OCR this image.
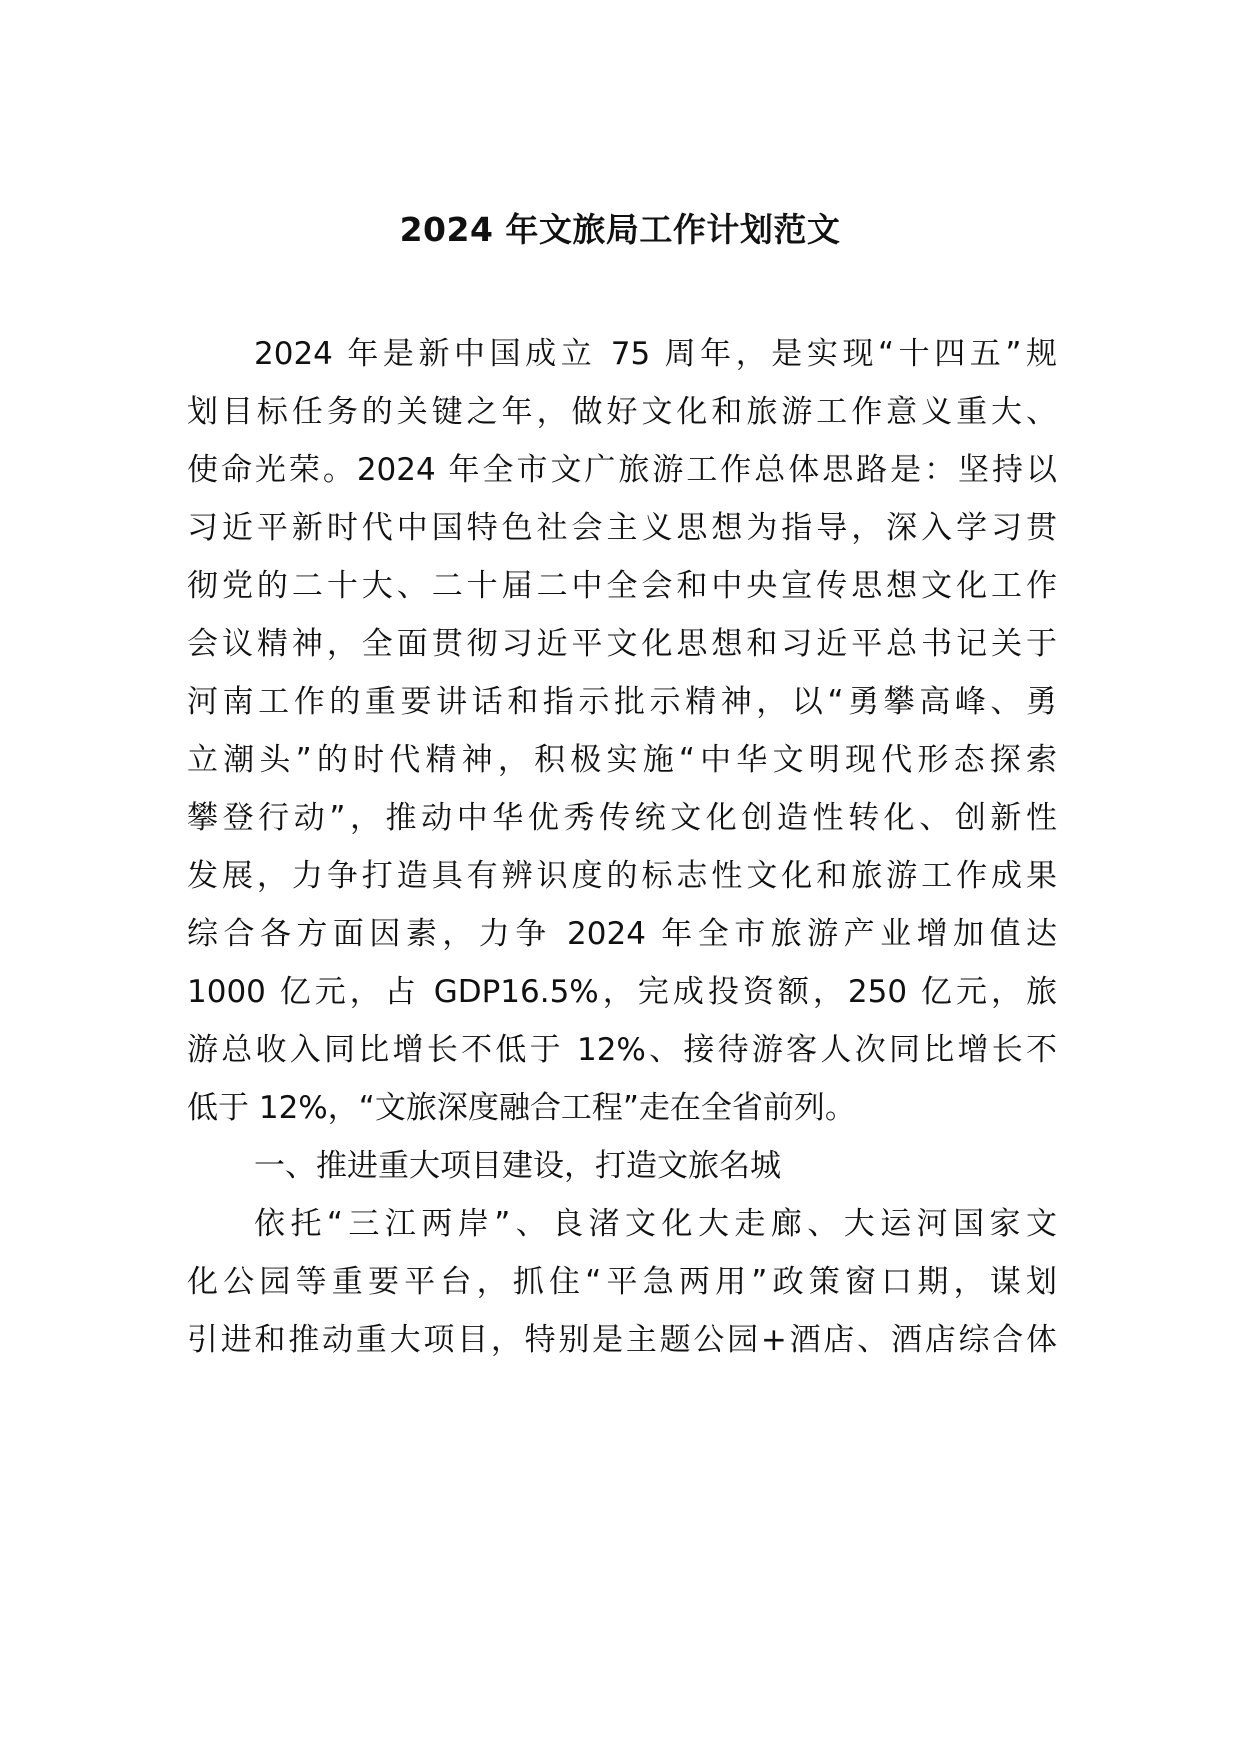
2024 年文旅局工作计划范文
2024 年是新中国成立 75 周年，是实现“十四五”规
划目标任务的关键之年，做好文化和旅游工作意义重大、
使命光荣。2024 年全市文广旅游工作总体思路是：坚持以
习近平新时代中国特色社会主义思想为指导，深入学习贯
彻党的二十大、二十届二中全会和中央宣传思想文化工作
会议精神，全面贯彻习近平文化思想和习近平总书记关于
河南工作的重要讲话和指示批示精神，以“勇攀高峰、勇
立潮头”的时代精神，积极实施“中华文明现代形态探索
攀登行动”，推动中华优秀传统文化创造性转化、创新性
发展，力争打造具有辨识度的标志性文化和旅游工作成果
综合各方面因素，力争 2024 年全市旅游产业增加值达
1000 亿元，占 GDP16.5%，完成投资额，250 亿元，旅
游总收入同比增长不低于 12%、接待游客人次同比增长不
低于 12%，“文旅深度融合工程”走在全省前列。
一、推进重大项目建设，打造文旅名城
依托“三江两岸”、良渚文化大走廊、大运河国家文
化公园等重要平台，抓住“平急两用”政策窗口期，谋划
引进和推动重大项目，特别是主题公园+酒店、酒店综合体
